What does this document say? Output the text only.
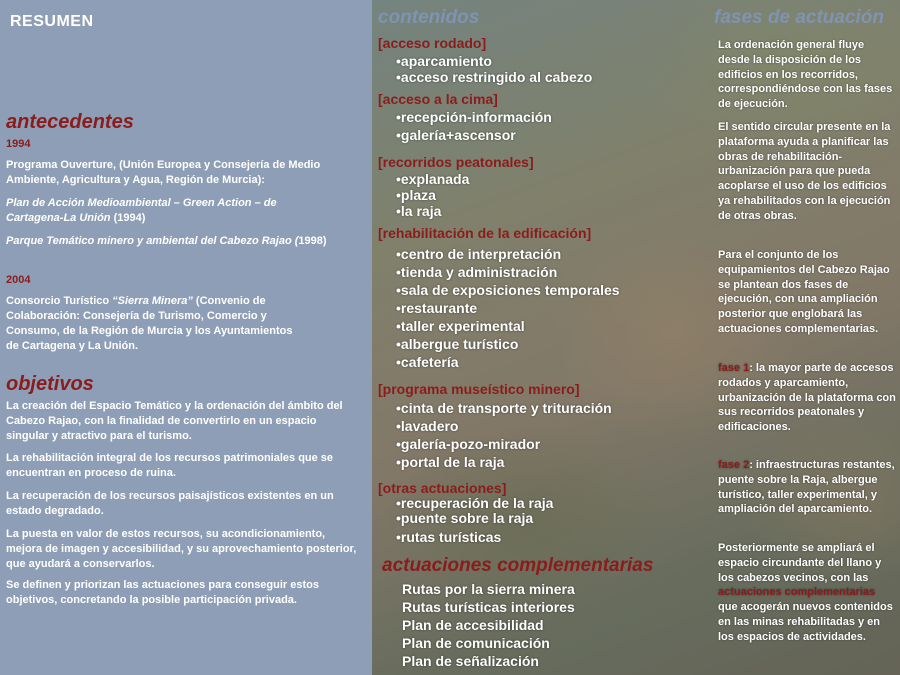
RESUMEN
antecedentes
1994

Programa Ouverture, (Unión Europea y Consejería de Medio Ambiente, Agricultura y Agua, Región de Murcia):

Plan de Acción Medioambiental – Green Action – de Cartagena-La Unión (1994)

Parque Temático minero y ambiental del Cabezo Rajao (1998)

2004

Consorcio Turístico “Sierra Minera” (Convenio de Colaboración: Consejería de Turismo, Comercio y Consumo, de la Región de Murcia y los Ayuntamientos de Cartagena y La Unión.

objetivos

La creación del Espacio Temático y la ordenación del ámbito del Cabezo Rajao, con la finalidad de convertirlo en un espacio singular y atractivo para el turismo.

La rehabilitación integral de los recursos patrimoniales que se encuentran en proceso de ruina.

La recuperación de los recursos paisajísticos existentes en un estado degradado.

La puesta en valor de estos recursos, su acondicionamiento, mejora de imagen y accesibilidad, y su aprovechamiento posterior, que ayudará a conservarlos.

Se definen y priorizan las actuaciones para conseguir estos objetivos, concretando la posible participación privada.

contenidos	fases de actuación
[acceso rodado]
•aparcamiento
•acceso restringido al cabezo
[acceso a la cima]
•recepción-información
•galería+ascensor
[recorridos peatonales]
•explanada
•plaza
•la raja
[rehabilitación de la edificación]
•centro de interpretación
•tienda y administración
•sala de exposiciones temporales
•restaurante
•taller experimental
•albergue turístico
•cafetería
[programa museístico minero]
•cinta de transporte y trituración
•lavadero
•galería-pozo-mirador
•portal de la raja
[otras actuaciones]
•recuperación de la raja
•puente sobre la raja
•rutas turísticas
actuaciones complementarias
Rutas por la sierra minera
Rutas turísticas interiores
Plan de accesibilidad
Plan de comunicación
Plan de señalización

La ordenación general fluye desde la disposición de los edificios en los recorridos, correspondiéndose con las fases de ejecución.

El sentido circular presente en la plataforma ayuda a planificar las obras de rehabilitación-urbanización para que pueda acoplarse el uso de los edificios ya rehabilitados con la ejecución de otras obras.

Para el conjunto de los equipamientos del Cabezo Rajao se plantean dos fases de ejecución, con una ampliación posterior que englobará las actuaciones complementarias.

fase 1: la mayor parte de accesos rodados y aparcamiento, urbanización de la plataforma con sus recorridos peatonales y edificaciones.

fase 2: infraestructuras restantes, puente sobre la Raja, albergue turístico, taller experimental, y ampliación del aparcamiento.

Posteriormente se ampliará el espacio circundante del llano y los cabezos vecinos, con las actuaciones complementarias que acogerán nuevos contenidos en las minas rehabilitadas y en los espacios de actividades.
